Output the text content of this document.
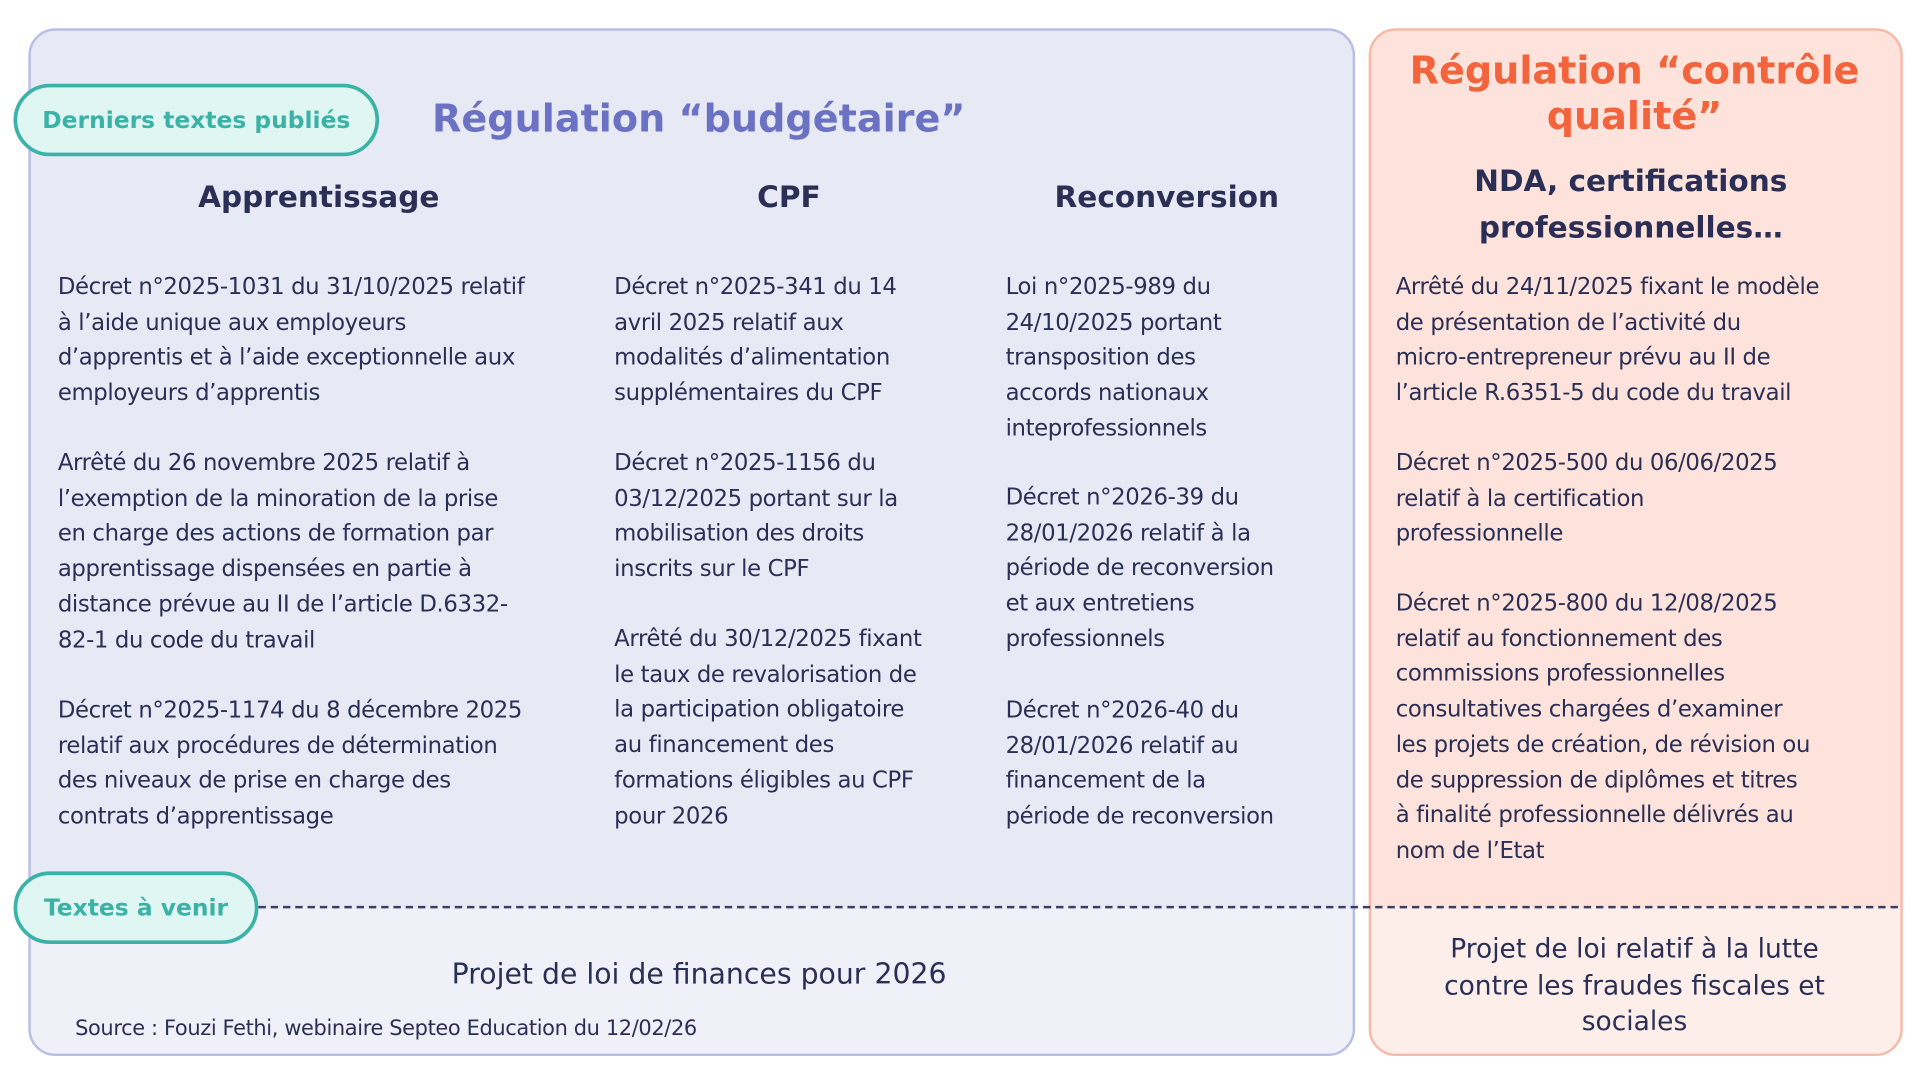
Derniers textes publiés
Textes à venir
Régulation “budgétaire”
Apprentissage	CPF	Reconversion
Décret n°2025-1031 du 31/10/2025 relatif
à l’aide unique aux employeurs
d’apprentis et à l’aide exceptionnelle aux
employeurs d’apprentis
Arrêté du 26 novembre 2025 relatif à
l’exemption de la minoration de la prise
en charge des actions de formation par
apprentissage dispensées en partie à
distance prévue au II de l’article D.6332-
82-1 du code du travail
Décret n°2025-1174 du 8 décembre 2025
relatif aux procédures de détermination
des niveaux de prise en charge des
contrats d’apprentissage
Décret n°2025-341 du 14
avril 2025 relatif aux
modalités d’alimentation
supplémentaires du CPF
Décret n°2025-1156 du
03/12/2025 portant sur la
mobilisation des droits
inscrits sur le CPF
Arrêté du 30/12/2025 fixant
le taux de revalorisation de
la participation obligatoire
au financement des
formations éligibles au CPF
pour 2026
Loi n°2025-989 du
24/10/2025 portant
transposition des
accords nationaux
inteprofessionnels
Décret n°2026-39 du
28/01/2026 relatif à la
période de reconversion
et aux entretiens
professionnels
Décret n°2026-40 du
28/01/2026 relatif au
financement de la
période de reconversion
Arrêté du 24/11/2025 fixant le modèle
de présentation de l’activité du
micro-entrepreneur prévu au II de
l’article R.6351-5 du code du travail
Décret n°2025-500 du 06/06/2025
relatif à la certification
professionnelle
Décret n°2025-800 du 12/08/2025
relatif au fonctionnement des
commissions professionnelles
consultatives chargées d’examiner
les projets de création, de révision ou
de suppression de diplômes et titres
à finalité professionnelle délivrés au
nom de l’Etat
Régulation “contrôle
qualité”
NDA, certifications
professionnelles…
Projet de loi de finances pour 2026
Source : Fouzi Fethi, webinaire Septeo Education du 12/02/26
Projet de loi relatif à la lutte
contre les fraudes fiscales et
sociales
